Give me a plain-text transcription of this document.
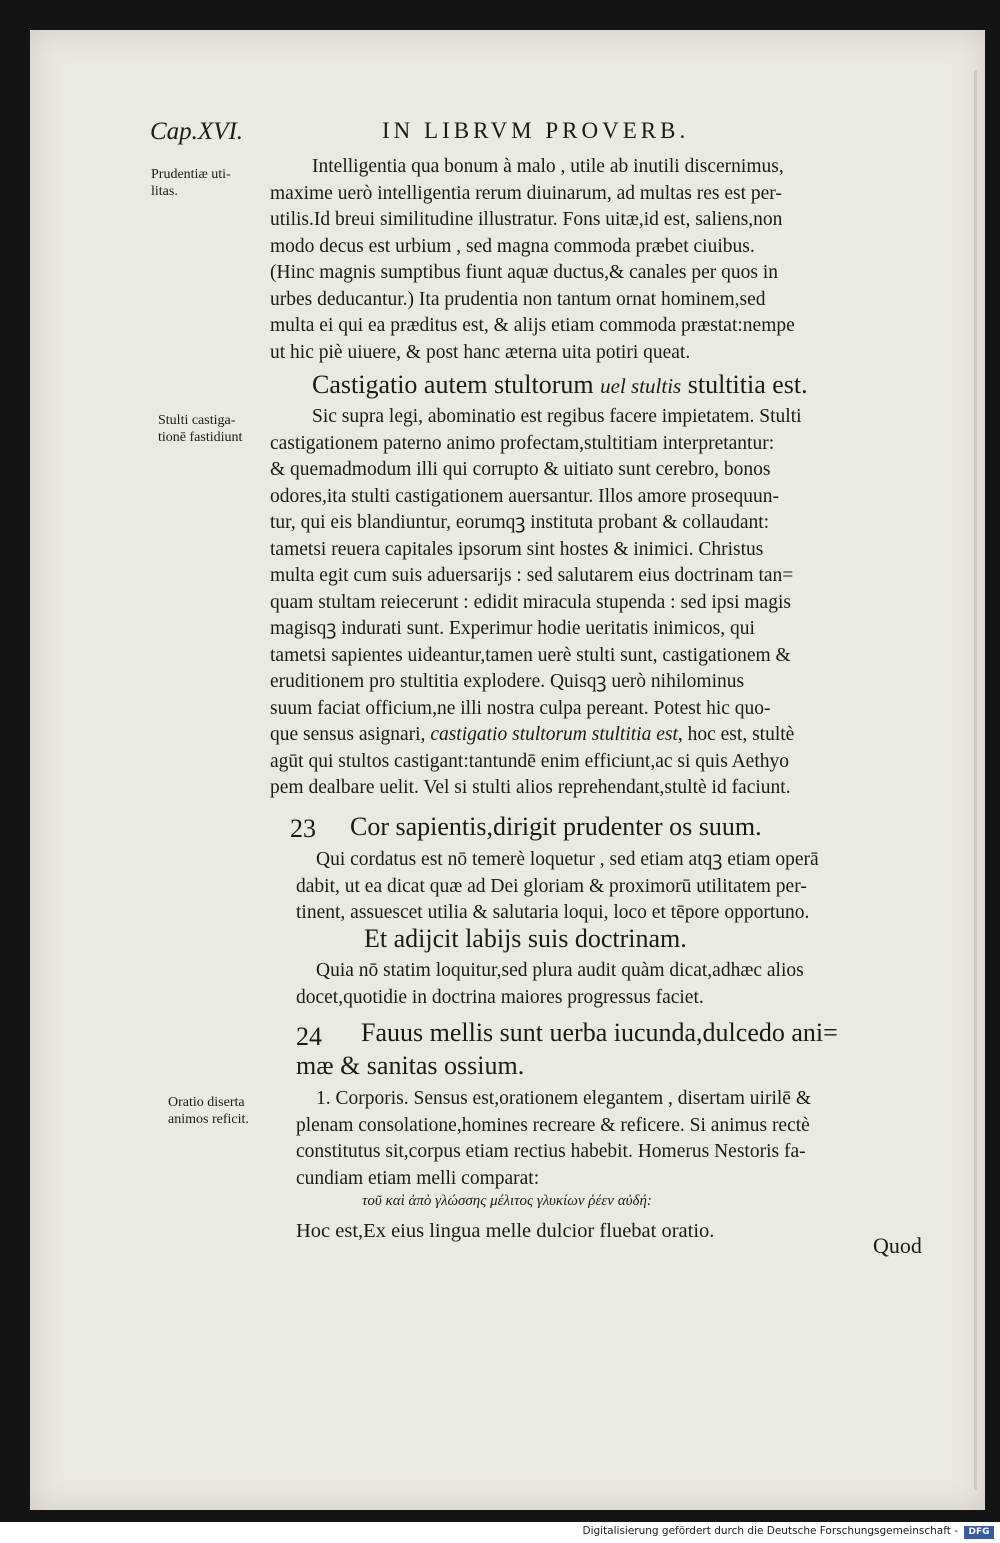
Cap.XVI.	IN LIBRVM PROVERB.
Prudentiæ uti-
litas.
Stulti castiga-
tionē fastidiunt
Oratio diserta
animos reficit.
Intelligentia qua bonum à malo , utile ab inutili discernimus,
maxime uerò intelligentia rerum diuinarum, ad multas res est per-
utilis.Id breui similitudine illustratur. Fons uitæ,id est, saliens,non
modo decus est urbium , sed magna commoda præbet ciuibus.
(Hinc magnis sumptibus fiunt aquæ ductus,& canales per quos in
urbes deducantur.) Ita prudentia non tantum ornat hominem,sed
multa ei qui ea præditus est, & alijs etiam commoda præstat:nempe
ut hic piè uiuere, & post hanc æterna uita potiri queat.
Castigatio autem stultorum uel stultis stultitia est.
Sic supra legi, abominatio est regibus facere impietatem. Stulti
castigationem paterno animo profectam,stultitiam interpretantur:
& quemadmodum illi qui corrupto & uitiato sunt cerebro, bonos
odores,ita stulti castigationem auersantur. Illos amore prosequun-
tur, qui eis blandiuntur, eorumqꝫ instituta probant & collaudant:
tametsi reuera capitales ipsorum sint hostes & inimici. Christus
multa egit cum suis aduersarijs : sed salutarem eius doctrinam tan=
quam stultam reiecerunt : edidit miracula stupenda : sed ipsi magis
magisqꝫ indurati sunt. Experimur hodie ueritatis inimicos, qui
tametsi sapientes uideantur,tamen uerè stulti sunt, castigationem &
eruditionem pro stultitia explodere. Quisqꝫ uerò nihilominus
suum faciat officium,ne illi nostra culpa pereant. Potest hic quo-
que sensus asignari, castigatio stultorum stultitia est, hoc est, stultè
agūt qui stultos castigant:tantundē enim efficiunt,ac si quis Aethyo
pem dealbare uelit. Vel si stulti alios reprehendant,stultè id faciunt.
23 Cor sapientis,dirigit prudenter os suum.
Qui cordatus est nō temerè loquetur , sed etiam atqꝫ etiam operā
dabit, ut ea dicat quæ ad Dei gloriam & proximorū utilitatem per-
tinent, assuescet utilia & salutaria loqui, loco et tēpore opportuno.
Et adijcit labijs suis doctrinam.
Quia nō statim loquitur,sed plura audit quàm dicat,adhæc alios
docet,quotidie in doctrina maiores progressus faciet.
24 Fauus mellis sunt uerba iucunda,dulcedo ani=
mæ & sanitas ossium.
1. Corporis. Sensus est,orationem elegantem , disertam uirilē &
plenam consolatione,homines recreare & reficere. Si animus rectè
constitutus sit,corpus etiam rectius habebit. Homerus Nestoris fa-
cundiam etiam melli comparat:
τοῦ καὶ ἀπὸ γλώσσης μέλιτος γλυκίων ῥέεν αὐδή:
Hoc est,Ex eius lingua melle dulcior fluebat oratio.
Quod
Digitalisierung gefördert durch die Deutsche Forschungsgemeinschaft -	DFG
